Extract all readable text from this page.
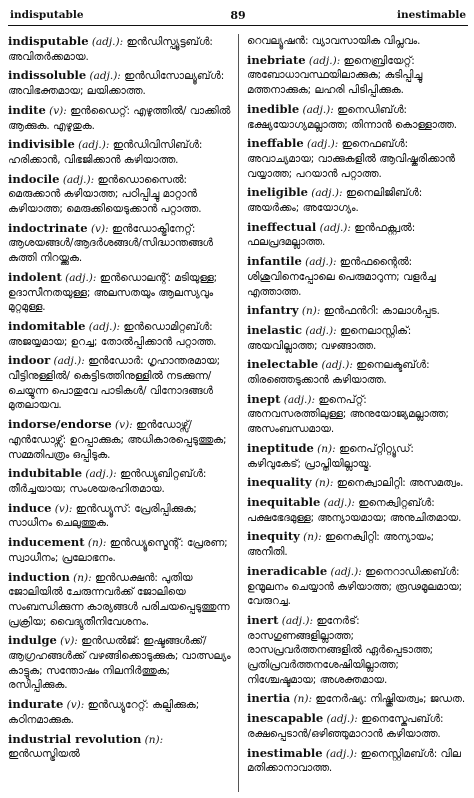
indisputable	89	inestimable
indisputable (adj.): ഇൻഡിസ്പ്യൂട്ടബ്ൾ: അവിതർക്കമായ.
indissoluble (adj.): ഇൻഡിസോല്യൂബ്ൾ: അവിഭക്തമായ; ലയിക്കാത്ത.
indite (v): ഇൻഡൈറ്റ്: എഴുത്തിൽ/ വാക്കിൽ ആക്കുക. എഴുതുക.
indivisible (adj.): ഇൻഡിവിസിബ്ൾ: ഹരിക്കാൻ, വിഭജിക്കാൻ കഴിയാത്ത.
indocile (adj.): ഇൻഡൊസൈൽ: മെരുക്കാൻ കഴിയാത്ത; പഠിപ്പിച്ചു മാറ്റാൻ കഴിയാത്ത; മെരുക്കിയെടുക്കാൻ പറ്റാത്ത.
indoctrinate (v): ഇൻഡോക്ട്രിനേറ്റ്: ആശയങ്ങൾ/ആദർശങ്ങൾ/സിദ്ധാന്തങ്ങൾ കുത്തി നിറയ്ക്കുക.
indolent (adj.): ഇൻഡൊലന്റ്: മടിയുള്ള; ഉദാസീനതയുള്ള; അലസതയും ആലസ്യവും മുറ്റമുള്ള.
indomitable (adj.): ഇൻഡൊമിറ്റബ്ൾ: അജയ്യമായ; ഉറച്ച; തോൽപ്പിക്കാൻ പറ്റാത്ത.
indoor (adj.): ഇൻഡോർ: ഗൃഹാന്തരമായ; വീട്ടിനുള്ളിൽ/ കെട്ടിടത്തിനുള്ളിൽ നടക്കുന്ന/ ചെയ്യുന്ന പൊതുവേ പാടികൾ/ വിനോദങ്ങൾ മുതലായവ.
indorse/endorse (v): ഇൻഡോഴ്സ്/ എൻഡോഴ്സ്: ഉറപ്പാക്കുക; അധികാരപ്പെടുത്തുക; സമ്മതിപത്രം ഒപ്പിടുക.
indubitable (adj.): ഇൻഡ്യുബിറ്റബ്ൾ: തീർച്ചയായ; സംശയരഹിതമായ.
induce (v): ഇൻഡ്യൂസ്: പ്രേരിപ്പിക്കുക; സാധീനം ചെലുത്തുക.
inducement (n): ഇൻഡ്യൂസ്മെന്റ്: പ്രേരണ; സ്വാധീനം; പ്രലോഭനം.
induction (n): ഇൻഡക്ഷൻ: പുതിയ ജോലിയിൽ ചേരുന്നവർക്ക് ജോലിയെ സംബന്ധിക്കുന്ന കാര്യങ്ങൾ പരിചയപ്പെടുത്തുന്ന പ്രക്രിയ; വൈദ്യുതീനിവേശനം.
indulge (v): ഇൻഡൽജ്: ഇഷ്ടങ്ങൾക്ക്/ ആഗ്രഹങ്ങൾക്ക് വഴങ്ങിക്കൊടുക്കുക; വാത്സല്യം കാട്ടുക; സന്തോഷം നിലനിർത്തുക; രസിപ്പിക്കുക.
indurate (v): ഇൻഡ്യുറേറ്റ്: കല്പിക്കുക; കഠിനമാക്കുക.
industrial revolution (n): ഇൻഡസ്ട്രിയൽ
റെവല്യൂഷൻ: വ്യാവസായിക വിപ്ലവം.
inebriate (adj.): ഇനെബ്രിയേറ്റ്: അബോധാവസ്ഥയിലാക്കുക; കുടിപ്പിച്ചു മത്തനാക്കുക; ലഹരി പിടിപ്പിക്കുക.
inedible (adj.): ഇനെഡിബ്ൾ: ഭക്ഷ്യയോഗ്യമല്ലാത്ത; തിന്നാൻ കൊള്ളാത്ത.
ineffable (adj.): ഇനെഫബ്ൾ: അവാച്യമായ; വാക്കുകളിൽ ആവിഷ്കരിക്കാൻ വയ്യാത്ത; പറയാൻ പറ്റാത്ത.
ineligible (adj.): ഇനെലിജിബ്ൾ: അയർക്കം; അയോഗ്യം.
ineffectual (adj.): ഇൻഫക്റ്റ്വൽ: ഫലപ്രദമല്ലാത്ത.
infantile (adj.): ഇൻഫന്റൈൽ: ശിശുവിനെപ്പോലെ പെരുമാറുന്ന; വളർച്ച എത്താത്ത.
infantry (n): ഇൻഫൻറി: കാലാൾപ്പട.
inelastic (adj.): ഇനെലാസ്റ്റിക്: അയവില്ലാത്ത; വഴങ്ങാത്ത.
inelectable (adj.): ഇനെലക്ടബ്ൾ: തിരഞ്ഞെടുക്കാൻ കഴിയാത്ത.
inept (adj.): ഇനെപ്റ്റ്: അനവസരത്തിലുള്ള; അനുയോജ്യമല്ലാത്ത; അസംബന്ധമായ.
ineptitude (n): ഇനെപ്റ്റിറ്റ്യൂഡ്: കഴിവുകേട്; പ്രാപ്തിയില്ലായ്മ.
inequality (n): ഇനെക്വാലിറ്റി: അസമത്വം.
inequitable (adj.): ഇനെക്വിറ്റബ്ൾ: പക്ഷഭേദമുള്ള; അന്യായമായ; അനുചിതമായ.
inequity (n): ഇനെക്വിറ്റി: അന്യായം; അനീതി.
ineradicable (adj.): ഇനെറാഡിക്കബ്ൾ: ഉന്മൂലനം ചെയ്യാൻ കഴിയാത്ത; രൂഢമൂലമായ; വേരുറച്ച.
inert (adj.): ഇനേർട്: രാസഗുണങ്ങളില്ലാത്ത; രാസപ്രവർത്തനങ്ങളിൽ ഏർപ്പെടാത്ത; പ്രതിപ്രവർത്തനശേഷിയില്ലാത്ത; നിശ്ചേഷ്ടമായ; അശക്തമായ.
inertia (n): ഇനേർഷ്യ: നിഷ്ക്രിയത്വം; ജഡത.
inescapable (adj.): ഇനെസ്കേപബ്ൾ: രക്ഷപ്പെടാൻ/ഒഴിഞ്ഞുമാറാൻ കഴിയാത്ത.
inestimable (adj.): ഇനെസ്റ്റിമബ്ൾ: വില മതിക്കാനാവാത്ത.
